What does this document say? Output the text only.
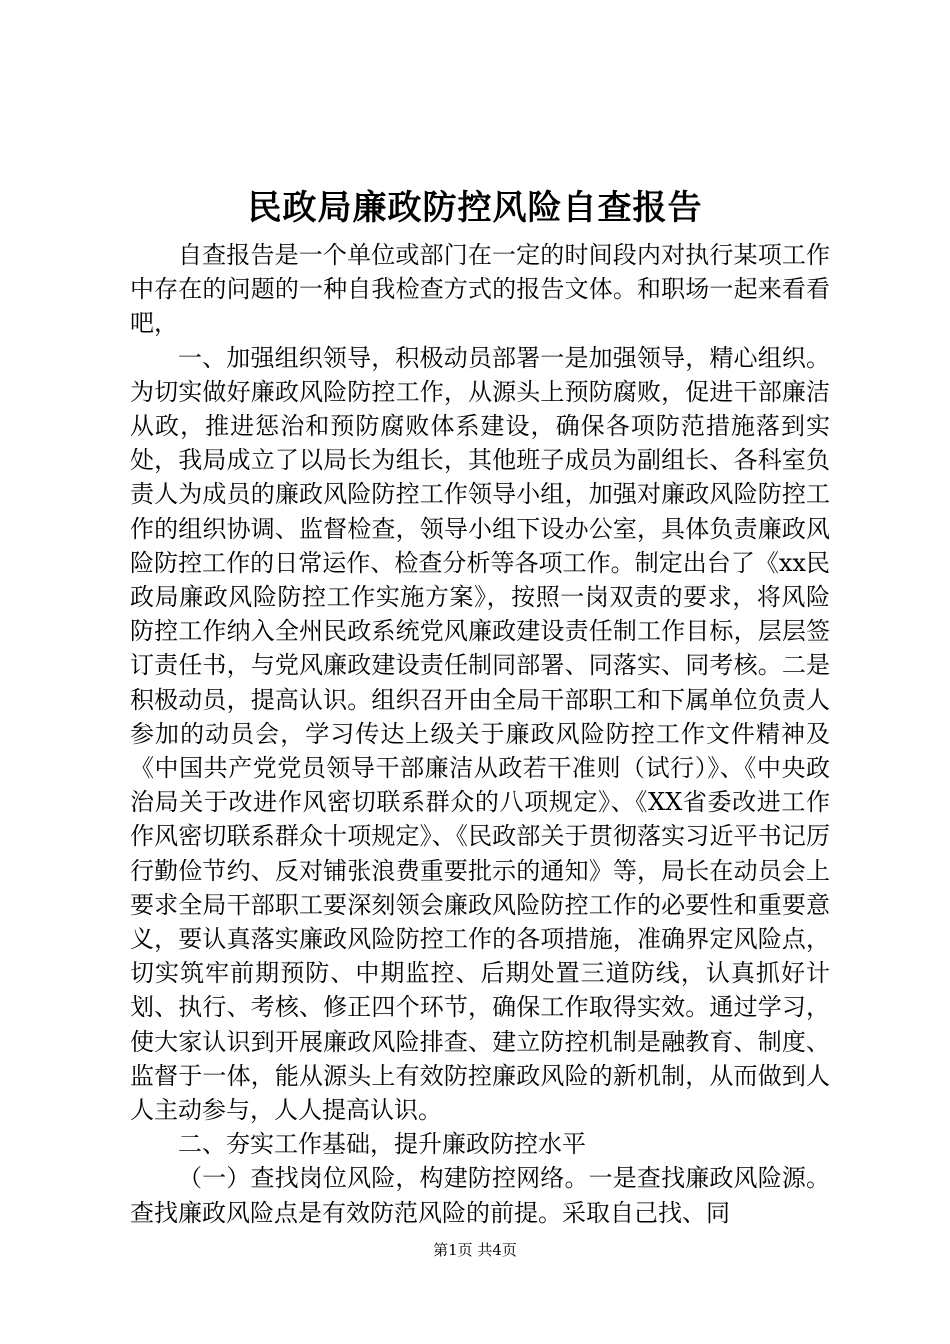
民政局廉政防控风险自查报告

自查报告是一个单位或部门在一定的时间段内对执行某项工作中存在的问题的一种自我检查方式的报告文体。和职场一起来看看吧，

一、加强组织领导，积极动员部署一是加强领导，精心组织。为切实做好廉政风险防控工作，从源头上预防腐败，促进干部廉洁从政，推进惩治和预防腐败体系建设，确保各项防范措施落到实处，我局成立了以局长为组长，其他班子成员为副组长、各科室负责人为成员的廉政风险防控工作领导小组，加强对廉政风险防控工作的组织协调、监督检查，领导小组下设办公室，具体负责廉政风险防控工作的日常运作、检查分析等各项工作。制定出台了《xx民政局廉政风险防控工作实施方案》，按照一岗双责的要求，将风险防控工作纳入全州民政系统党风廉政建设责任制工作目标，层层签订责任书，与党风廉政建设责任制同部署、同落实、同考核。二是积极动员，提高认识。组织召开由全局干部职工和下属单位负责人参加的动员会，学习传达上级关于廉政风险防控工作文件精神及《中国共产党党员领导干部廉洁从政若干准则（试行）》、《中央政治局关于改进作风密切联系群众的八项规定》、《XX省委改进工作作风密切联系群众十项规定》、《民政部关于贯彻落实习近平书记厉行勤俭节约、反对铺张浪费重要批示的通知》等，局长在动员会上要求全局干部职工要深刻领会廉政风险防控工作的必要性和重要意义，要认真落实廉政风险防控工作的各项措施，准确界定风险点，切实筑牢前期预防、中期监控、后期处置三道防线，认真抓好计划、执行、考核、修正四个环节，确保工作取得实效。通过学习，使大家认识到开展廉政风险排查、建立防控机制是融教育、制度、监督于一体，能从源头上有效防控廉政风险的新机制，从而做到人人主动参与，人人提高认识。

二、夯实工作基础，提升廉政防控水平

（一）查找岗位风险，构建防控网络。一是查找廉政风险源。查找廉政风险点是有效防范风险的前提。采取自己找、同

第1页 共4页
